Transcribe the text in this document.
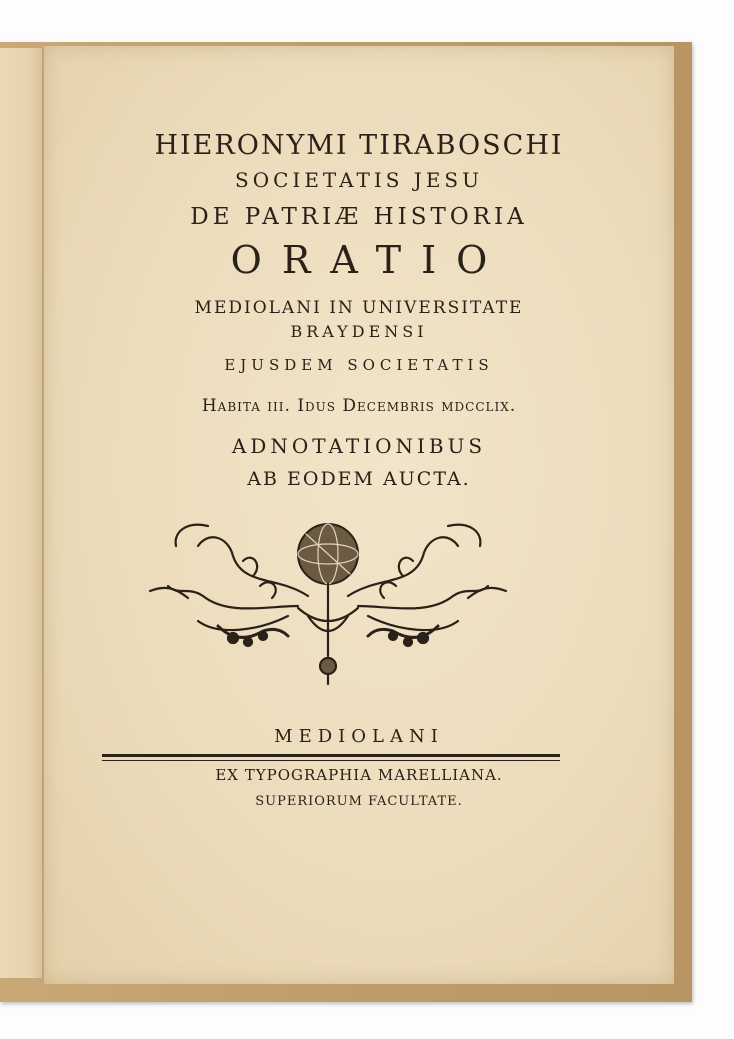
HIERONYMI TIRABOSCHI

SOCIETATIS JESU

DE PATRIÆ HISTORIA

ORATIO

MEDIOLANI IN UNIVERSITATE

BRAYDENSI

EJUSDEM SOCIETATIS

Habita iii. Idus Decembris mdcclix.

ADNOTATIONIBUS

AB EODEM AUCTA.

MEDIOLANI

EX TYPOGRAPHIA MARELLIANA.

SUPERIORUM FACULTATE.
